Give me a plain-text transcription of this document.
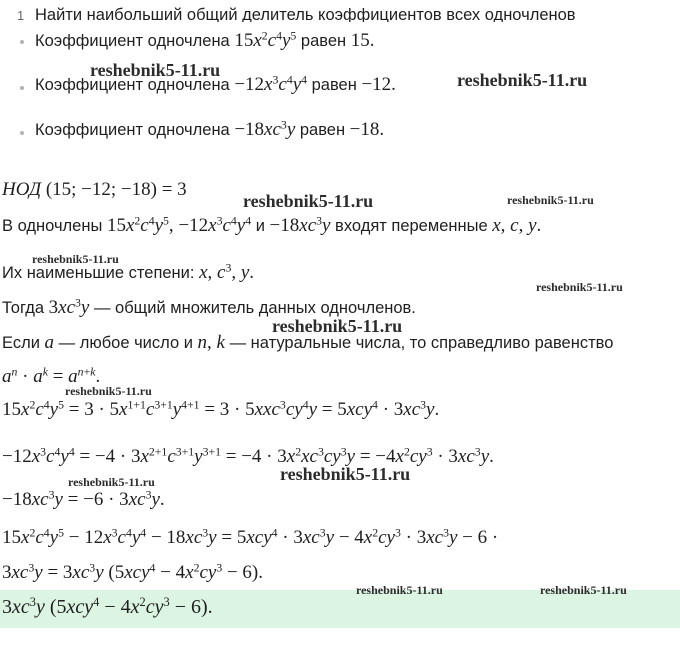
1 Найти наибольший общий делитель коэффициентов всех одночленов
Коэффициент одночлена $15x^2c^4y^5$ равен 15.
Коэффициент одночлена $-12x^3c^4y^4$ равен −12.
Коэффициент одночлена $-18xc^3y$ равен −18.
НОД (15; −12; −18) = 3
В одночлены $15x^2c^4y^5$, $-12x^3c^4y^4$ $и -18xc^3y$ входят переменные x, c, y.
Их наименьшие степени: x, $c^3$, y.
Тогда $3xc^3y$ — общий множитель данных одночленов.
Если a — любое число и n, k — натуральные числа, то справедливо равенство
$a^n \cdot a^k = a^{n+k}$.
$15x^2c^4y^5 = 3 \cdot 5x^{1+1}c^{3+1}y^{4+1} = 3 \cdot 5xxc^3cy^4y = 5xcy^4 \cdot 3xc^3y$.
$-12x^3c^4y^4 = -4 \cdot 3x^{2+1}c^{3+1}y^{3+1} = -4 \cdot 3x^2xc^3cy^3y = -4x^2cy^3 \cdot 3xc^3y$.
$-18xc^3y = -6 \cdot 3xc^3y$.
$15x^2c^4y^5 - 12x^3c^4y^4 - 18xc^3y = 5xcy^4 \cdot 3xc^3y - 4x^2cy^3 \cdot 3xc^3y - 6$ ·
$3xc^3y = 3xc^3y$ $(5xcy^4 - 4x^2cy^3 - 6)$.
$3xc^3y$ $(5xcy^4 - 4x^2cy^3 - 6)$.
reshebnik5-11.ru	reshebnik5-11.ru
reshebnik5-11.ru	reshebnik5-11.ru
reshebnik5-11.ru
reshebnik5-11.ru
reshebnik5-11.ru
reshebnik5-11.ru
reshebnik5-11.ru
reshebnik5-11.ru
reshebnik5-11.ru	reshebnik5-11.ru
